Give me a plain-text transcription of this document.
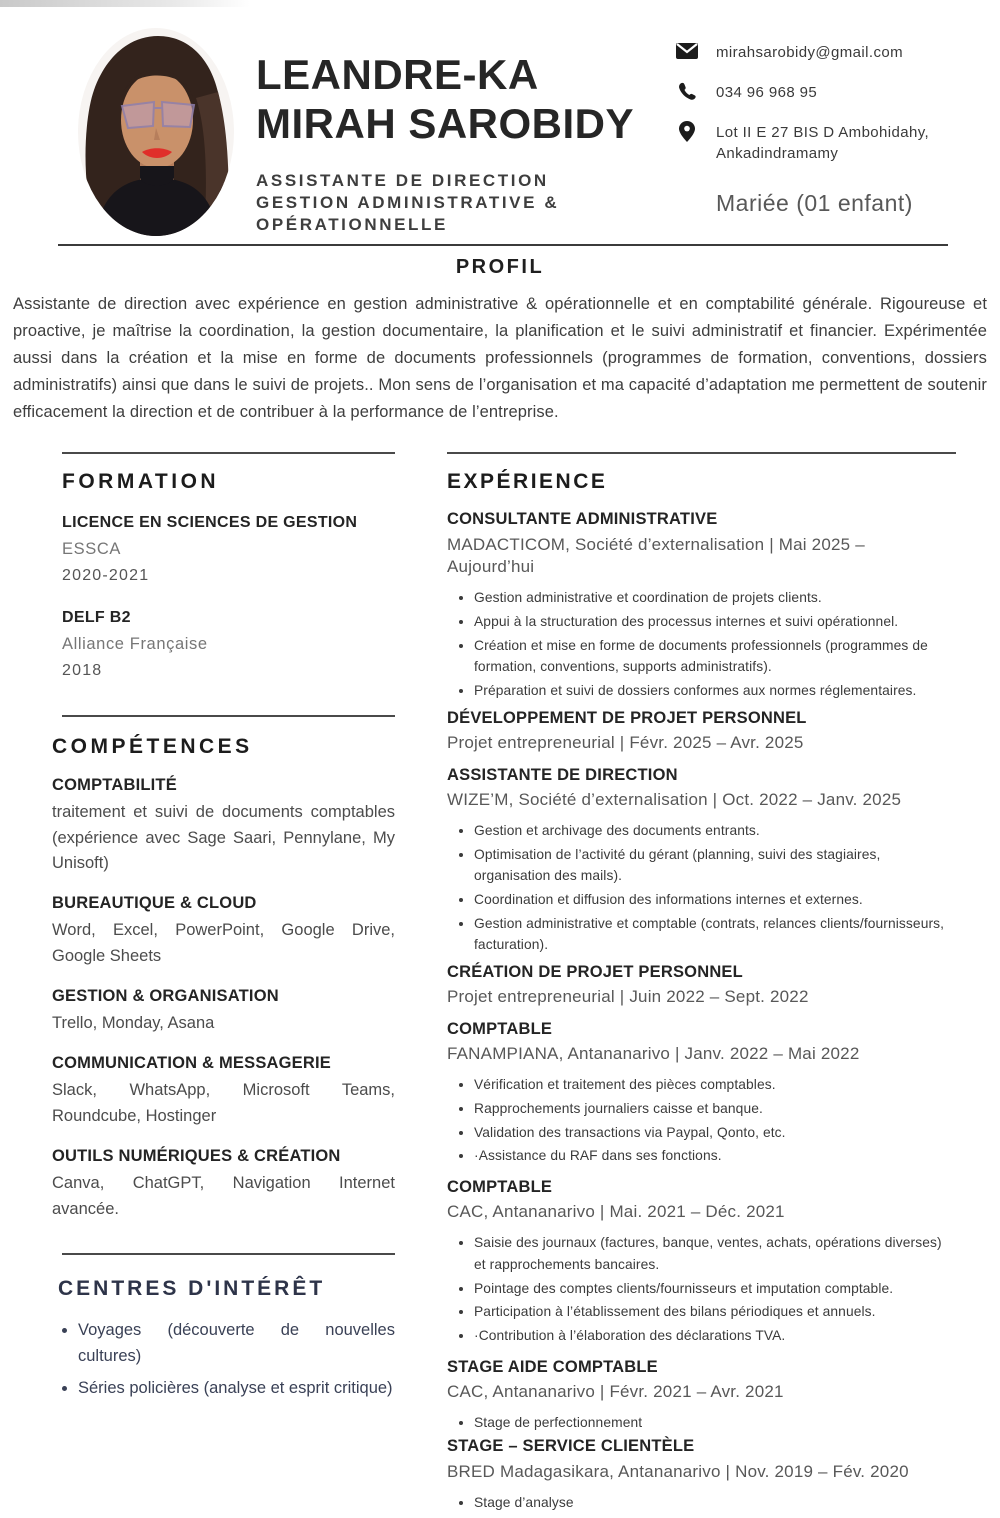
LEANDRE-KA
MIRAH SAROBIDY
ASSISTANTE DE DIRECTION
GESTION ADMINISTRATIVE &
OPÉRATIONNELLE
mirahsarobidy@gmail.com
034 96 968 95
Lot II E 27 BIS D Ambohidahy,
Ankadindramamy
Mariée (01 enfant)
PROFIL

Assistante de direction avec expérience en gestion administrative & opérationnelle et en comptabilité générale. Rigoureuse et proactive, je maîtrise la coordination, la gestion documentaire, la planification et le suivi administratif et financier. Expérimentée aussi dans la création et la mise en forme de documents professionnels (programmes de formation, conventions, dossiers administratifs) ainsi que dans le suivi de projets.. Mon sens de l’organisation et ma capacité d’adaptation me permettent de soutenir efficacement la direction et de contribuer à la performance de l’entreprise.

FORMATION
LICENCE EN SCIENCES DE GESTION
ESSCA
2020-2021
DELF B2
Alliance Française
2018
COMPÉTENCES
COMPTABILITÉ
traitement et suivi de documents comptables (expérience avec Sage Saari, Pennylane, My Unisoft)
BUREAUTIQUE & CLOUD
Word, Excel, PowerPoint, Google Drive, Google Sheets
GESTION & ORGANISATION
Trello, Monday, Asana
COMMUNICATION & MESSAGERIE
Slack, WhatsApp, Microsoft Teams, Roundcube, Hostinger
OUTILS NUMÉRIQUES & CRÉATION
Canva, ChatGPT, Navigation Internet avancée.
CENTRES D'INTÉRÊT
• Voyages (découverte de nouvelles cultures)
• Séries policières (analyse et esprit critique)
EXPÉRIENCE
CONSULTANTE ADMINISTRATIVE
MADACTICOM, Société d’externalisation | Mai 2025 – Aujourd’hui
• Gestion administrative et coordination de projets clients.
• Appui à la structuration des processus internes et suivi opérationnel.
• Création et mise en forme de documents professionnels (programmes de formation, conventions, supports administratifs).
• Préparation et suivi de dossiers conformes aux normes réglementaires.
DÉVELOPPEMENT DE PROJET PERSONNEL
Projet entrepreneurial | Févr. 2025 – Avr. 2025
ASSISTANTE DE DIRECTION
WIZE’M, Société d’externalisation | Oct. 2022 – Janv. 2025
• Gestion et archivage des documents entrants.
• Optimisation de l’activité du gérant (planning, suivi des stagiaires, organisation des mails).
• Coordination et diffusion des informations internes et externes.
• Gestion administrative et comptable (contrats, relances clients/fournisseurs, facturation).
CRÉATION DE PROJET PERSONNEL
Projet entrepreneurial | Juin 2022 – Sept. 2022
COMPTABLE
FANAMPIANA, Antananarivo | Janv. 2022 – Mai 2022
• Vérification et traitement des pièces comptables.
• Rapprochements journaliers caisse et banque.
• Validation des transactions via Paypal, Qonto, etc.
• ·Assistance du RAF dans ses fonctions.
COMPTABLE
CAC, Antananarivo | Mai. 2021 – Déc. 2021
• Saisie des journaux (factures, banque, ventes, achats, opérations diverses) et rapprochements bancaires.
• Pointage des comptes clients/fournisseurs et imputation comptable.
• Participation à l’établissement des bilans périodiques et annuels.
• ·Contribution à l’élaboration des déclarations TVA.
STAGE AIDE COMPTABLE
CAC, Antananarivo | Févr. 2021 – Avr. 2021
• Stage de perfectionnement
STAGE – SERVICE CLIENTÈLE
BRED Madagasikara, Antananarivo | Nov. 2019 – Fév. 2020
• Stage d’analyse
